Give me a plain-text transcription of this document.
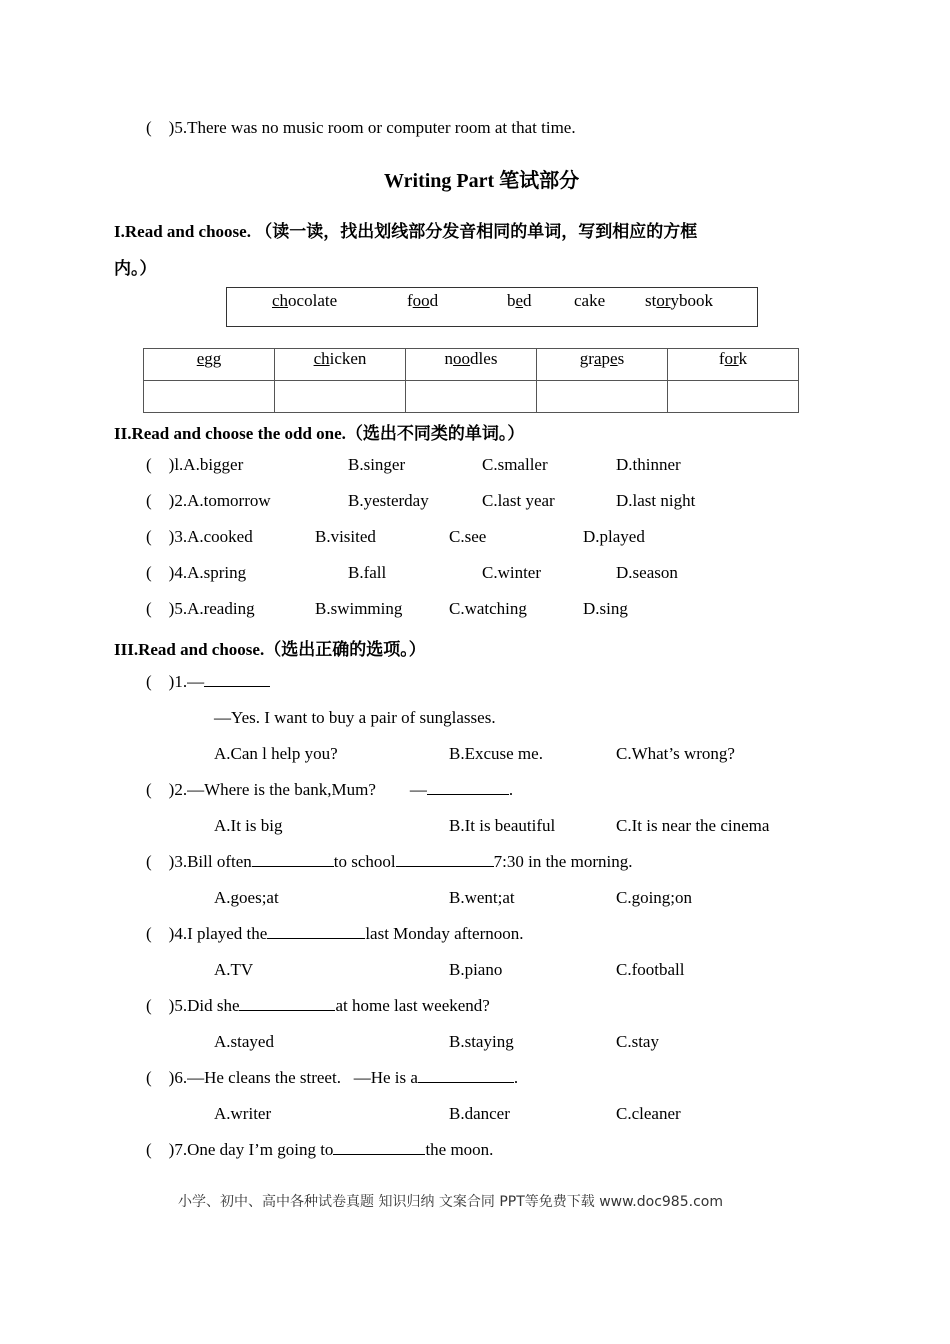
(    )5.There was no music room or computer room at that time.
Writing Part 笔试部分
I.Read and choose. （读一读，找出划线部分发音相同的单词，写到相应的方框
内。）
chocolate	food	bed cake storybook
egg	chicken	noodles	grapes	fork

II.Read and choose the odd one.（选出不同类的单词。）
(    )l.A.bigger	B.singer	C.smaller	D.thinner
(    )2.A.tomorrow	B.yesterday	C.last year	D.last night
(    )3.A.cooked	B.visited	C.see	D.played
(    )4.A.spring	B.fall	C.winter	D.season
(    )5.A.reading	B.swimming	C.watching	D.sing
III.Read and choose.（选出正确的选项。）
(    )1.—
—Yes. I want to buy a pair of sunglasses.
A.Can l help you?	B.Excuse me.	C.What’s wrong?
(    )2.—Where is the bank,Mum?        —	.
A.It is big	B.It is beautiful	C.It is near the cinema
(    )3.Bill often	to school	7:30 in the morning.
A.goes;at	B.went;at	C.going;on
(    )4.I played the	last Monday afternoon.
A.TV	B.piano	C.football
(    )5.Did she	at home last weekend?
A.stayed	B.staying	C.stay
(    )6.—He cleans the street.   —He is a	.
A.writer	B.dancer	C.cleaner
(    )7.One day I’m going to	the moon.
小学、初中、高中各种试卷真题 知识归纳 文案合同 PPT等免费下载 www.doc985.com
